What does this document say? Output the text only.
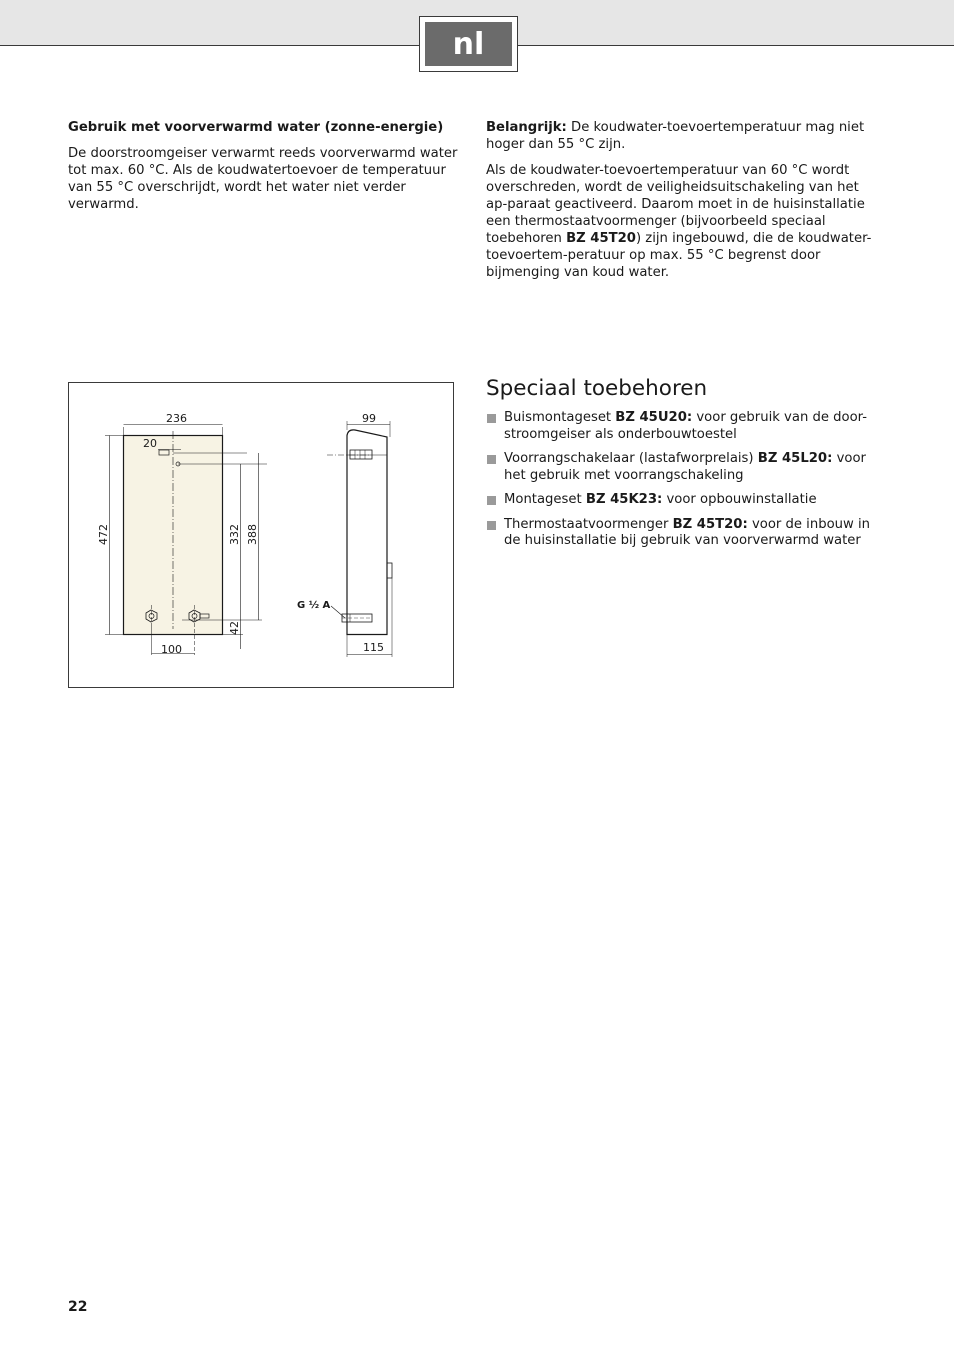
nl

Gebruik met voorverwarmd water (zonne-energie)

De doorstroomgeiser verwarmt reeds voorverwarmd water tot max. 60 °C. Als de koudwatertoevoer de temperatuur van 55 °C overschrijdt, wordt het water niet verder verwarmd.

Belangrijk: De koudwater-toevoertemperatuur mag niet hoger dan 55 °C zijn.

Als de koudwater-toevoertemperatuur van 60 °C wordt overschreden, wordt de veiligheidsuitschakeling van het ap-paraat geactiveerd. Daarom moet in de huisinstallatie een thermostaatvoormenger (bijvoorbeeld speciaal toebehoren BZ 45T20) zijn ingebouwd, die de koudwater-toevoertem-peratuur op max. 55 °C begrenst door bijmenging van koud water.

236
20
472	332 388
42
100
99
115
G ½ A
Speciaal toebehoren
Buismontageset BZ 45U20: voor gebruik van de door-stroomgeiser als onderbouwtoestel
Voorrangschakelaar (lastafworprelais) BZ 45L20: voor het gebruik met voorrangschakeling
Montageset BZ 45K23: voor opbouwinstallatie
Thermostaatvoormenger BZ 45T20: voor de inbouw in de huisinstallatie bij gebruik van voorverwarmd water
22
